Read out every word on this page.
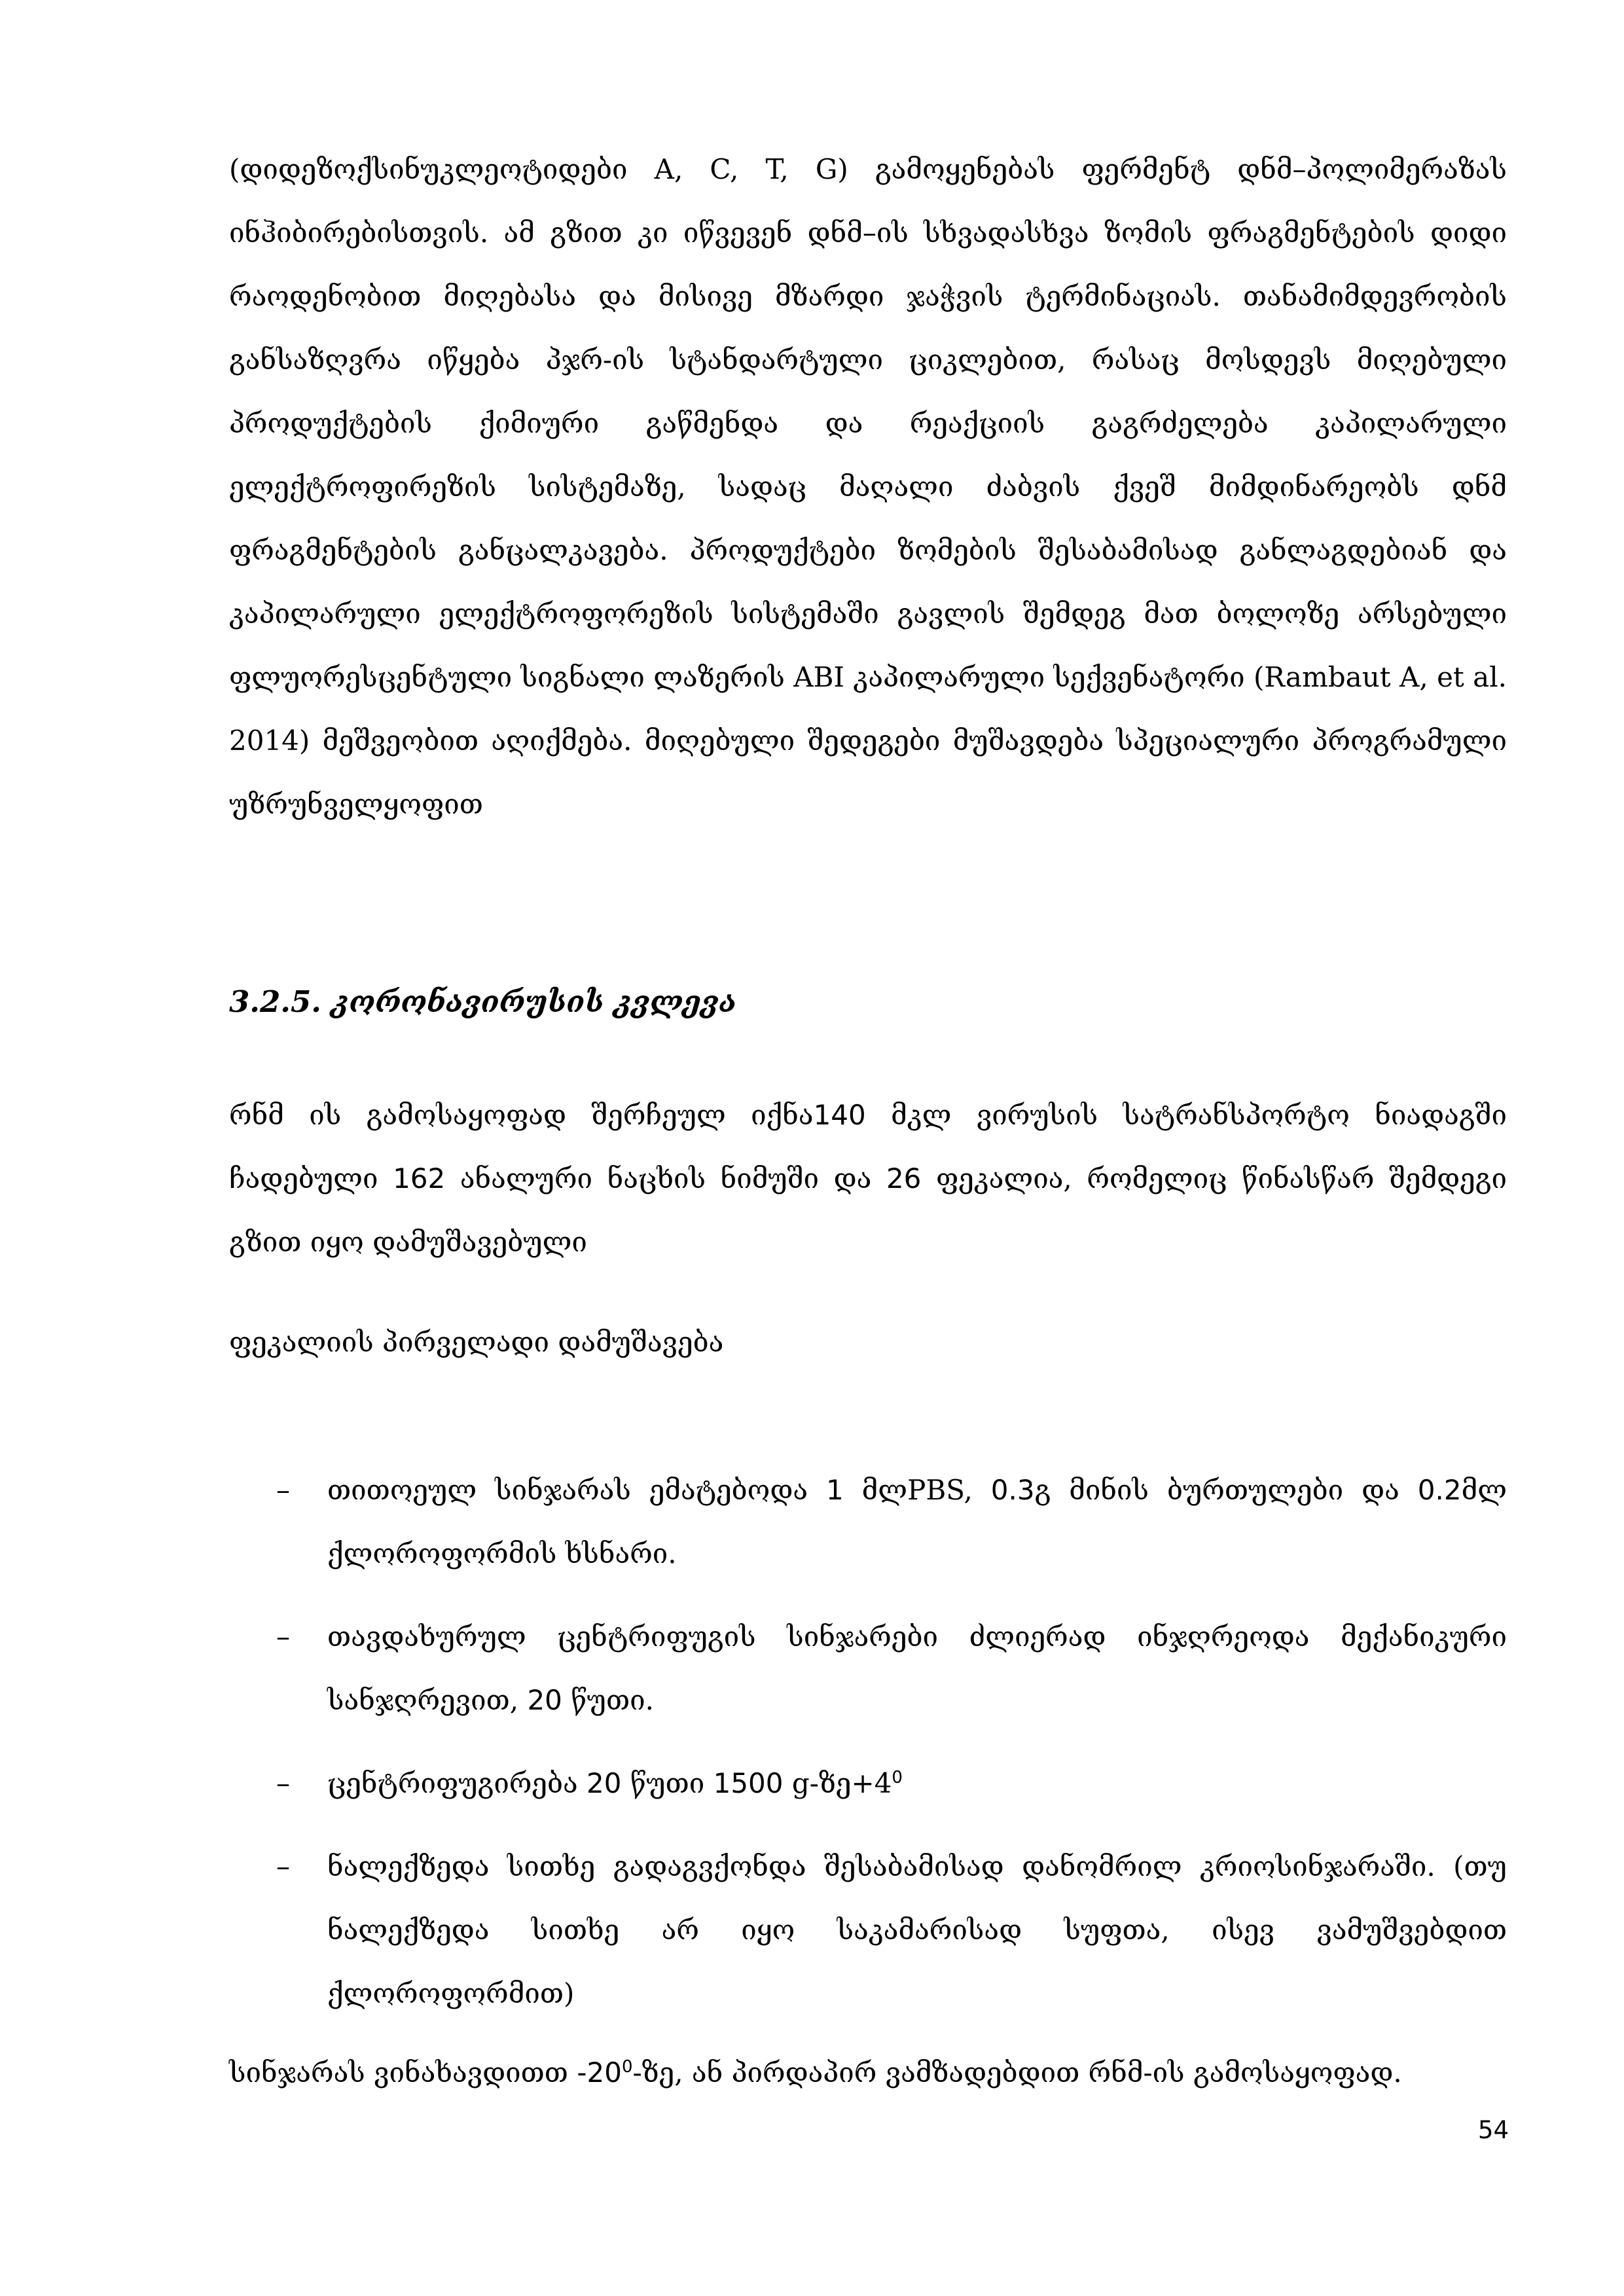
(დიდეზოქსინუკლეოტიდები A, C, T, G) გამოყენებას ფერმენტ დნმ–პოლიმერაზას ინჰიბირებისთვის. ამ გზით კი იწვევენ დნმ–ის სხვადასხვა ზომის ფრაგმენტების დიდი რაოდენობით მიღებასა და მისივე მზარდი ჯაჭვის ტერმინაციას. თანამიმდევრობის განსაზღვრა იწყება პჯრ-ის სტანდარტული ციკლებით, რასაც მოსდევს მიღებული პროდუქტების ქიმიური გაწმენდა და რეაქციის გაგრძელება კაპილარული ელექტროფირეზის სისტემაზე, სადაც მაღალი ძაბვის ქვეშ მიმდინარეობს დნმ ფრაგმენტების განცალკავება. პროდუქტები ზომების შესაბამისად განლაგდებიან და კაპილარული ელექტროფორეზის სისტემაში გავლის შემდეგ მათ ბოლოზე არსებული ფლუორესცენტული სიგნალი ლაზერის ABI კაპილარული სექვენატორი (Rambaut A, et al. 2014) მეშვეობით აღიქმება. მიღებული შედეგები მუშავდება სპეციალური პროგრამული უზრუნველყოფით

3.2.5. კორონავირუსის კვლევა

რნმ ის გამოსაყოფად შერჩეულ იქნა140 მკლ ვირუსის სატრანსპორტო ნიადაგში ჩადებული 162 ანალური ნაცხის ნიმუში და 26 ფეკალია, რომელიც წინასწარ შემდეგი გზით იყო დამუშავებული

ფეკალიის პირველადი დამუშავება

– თითოეულ სინჯარას ემატებოდა 1 მლPBS, 0.3გ მინის ბურთულები და 0.2მლ ქლოროფორმის ხსნარი.
– თავდახურულ ცენტრიფუგის სინჯარები ძლიერად ინჯღრეოდა მექანიკური სანჯღრევით, 20 წუთი.
– ცენტრიფუგირება 20 წუთი 1500 $g-ზე+4^0$
– ნალექზედა სითხე გადაგვქონდა შესაბამისად დანომრილ კრიოსინჯარაში. (თუ ნალექზედა სითხე არ იყო საკამარისად სუფთა, ისევ ვამუშვებდით ქლოროფორმით)

სინჯარას ვინახავდითთ $-20^0-ზე$, ან პირდაპირ ვამზადებდით რნმ-ის გამოსაყოფად.

54
